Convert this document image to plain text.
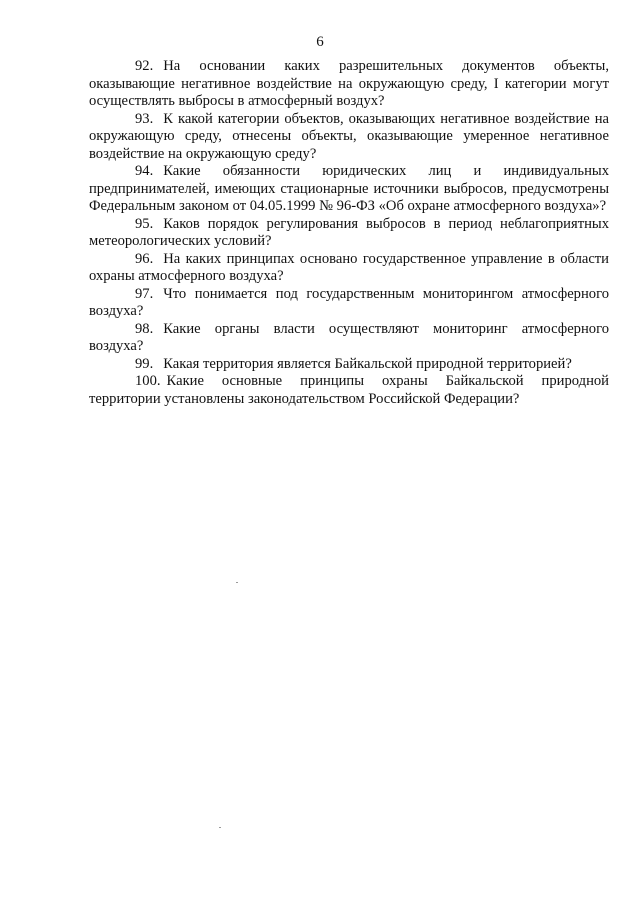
6

92. На основании каких разрешительных документов объекты, оказывающие негативное воздействие на окружающую среду, I категории могут осуществлять выбросы в атмосферный воздух?

93. К какой категории объектов, оказывающих негативное воздействие на окружающую среду, отнесены объекты, оказывающие умеренное негативное воздействие на окружающую среду?

94. Какие обязанности юридических лиц и индивидуальных предпринимателей, имеющих стационарные источники выбросов, предусмотрены Федеральным законом от 04.05.1999 № 96-ФЗ «Об охране атмосферного воздуха»?

95. Каков порядок регулирования выбросов в период неблагоприятных метеорологических условий?

96. На каких принципах основано государственное управление в области охраны атмосферного воздуха?

97. Что понимается под государственным мониторингом атмосферного воздуха?

98. Какие органы власти осуществляют мониторинг атмосферного воздуха?

99. Какая территория является Байкальской природной территорией?

100. Какие основные принципы охраны Байкальской природной территории установлены законодательством Российской Федерации?
